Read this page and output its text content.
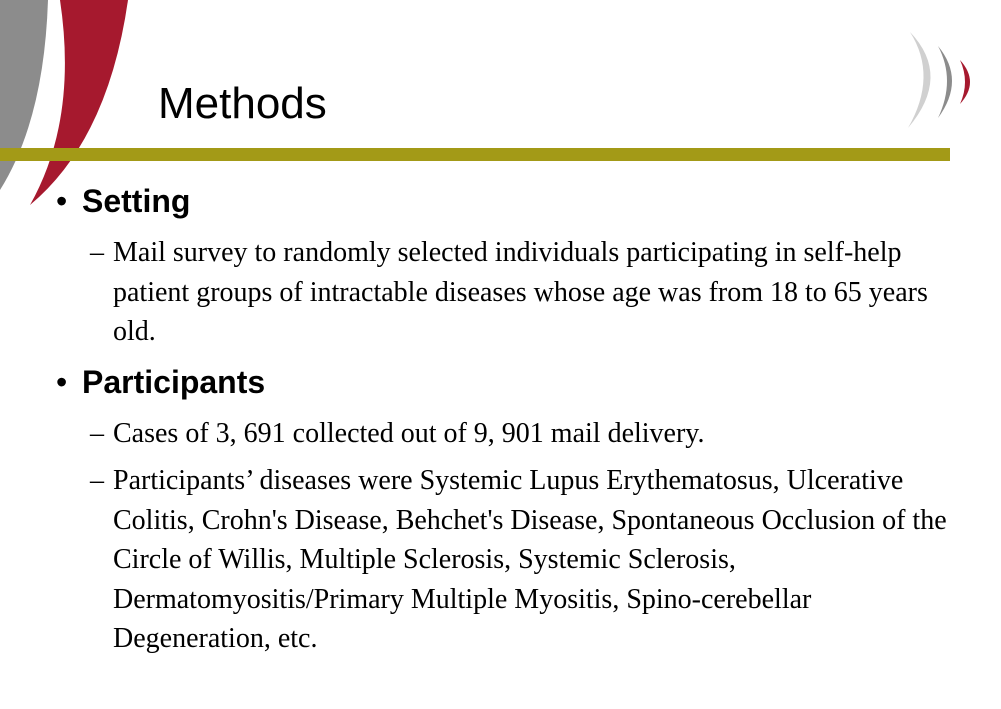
Methods
• Setting
– Mail survey to randomly selected individuals participating in self-help patient groups of intractable diseases whose age was from 18 to 65 years old.
• Participants
– Cases of 3, 691 collected out of 9, 901 mail delivery.
– Participants’ diseases were Systemic Lupus Erythematosus, Ulcerative Colitis, Crohn's Disease, Behchet's Disease, Spontaneous Occlusion of the Circle of Willis, Multiple Sclerosis, Systemic Sclerosis, Dermatomyositis/Primary Multiple Myositis, Spino-cerebellar Degeneration, etc.
